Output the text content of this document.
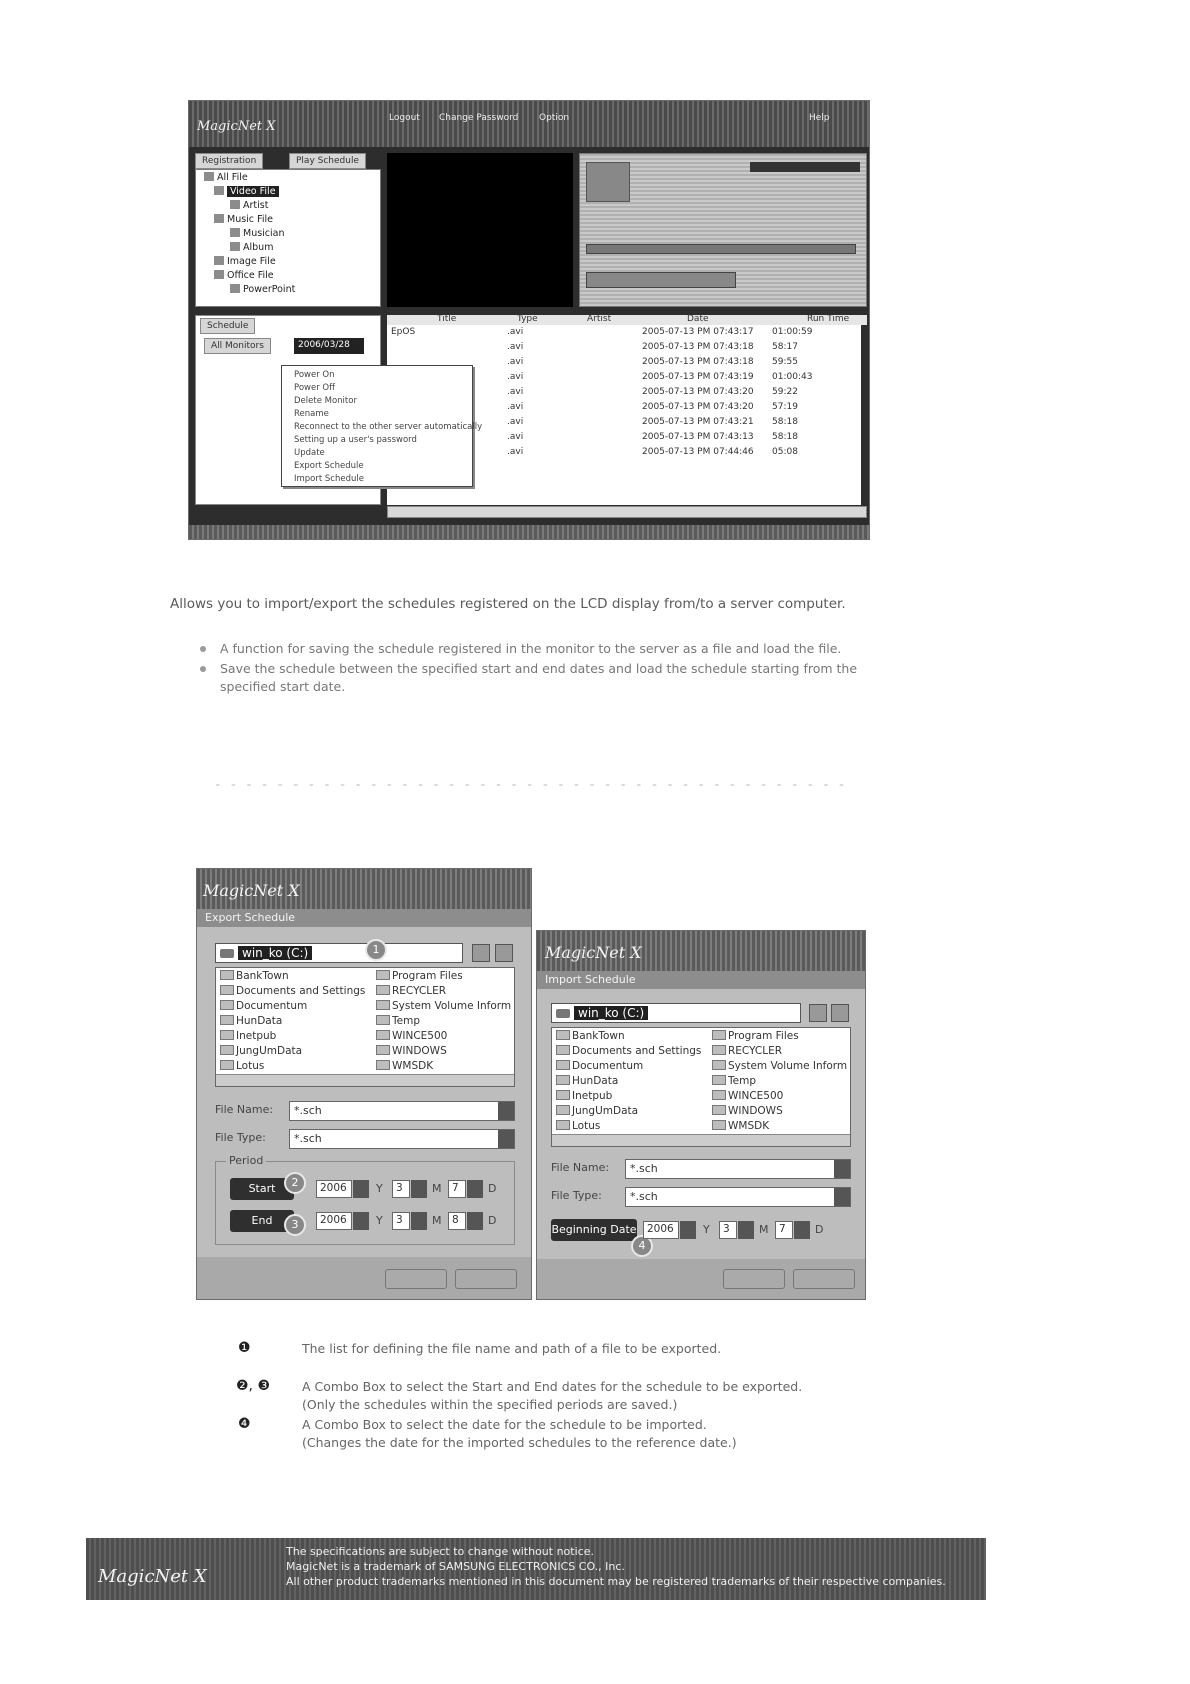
MagicNet X
Logout Change Password Option	Help
Registration	Play Schedule
All File
Video File
Artist
Music File
Musician
Album
Image File
Office File
PowerPoint
Title	Type	Artist	Date	Run Time
EpOS	.avi	2005-07-13 PM 07:43:17 01:00:59
.avi	2005-07-13 PM 07:43:18 58:17
.avi	2005-07-13 PM 07:43:18 59:55
.avi	2005-07-13 PM 07:43:19 01:00:43
.avi	2005-07-13 PM 07:43:20 59:22
.avi	2005-07-13 PM 07:43:20 57:19
.avi	2005-07-13 PM 07:43:21 58:18
.avi	2005-07-13 PM 07:43:13 58:18
.avi	2005-07-13 PM 07:44:46 05:08
Schedule
All Monitors	2006/03/28
Power On
Power Off
Delete Monitor
Rename
Reconnect to the other server automatically
Setting up a user's password
Update
Export Schedule
Import Schedule
Allows you to import/export the schedules registered on the LCD display from/to a server computer.
A function for saving the schedule registered in the monitor to the server as a file and load the file.
Save the schedule between the specified start and end dates and load the schedule starting from the specified start date.
MagicNet X
Export Schedule
win_ko (C:)	1
BankTown
Documents and Settings
Documentum
HunData
Inetpub
JungUmData
Lotus
Program Files
RECYCLER
System Volume Inform
Temp
WINCE500
WINDOWS
WMSDK
File Name:	*.sch
File Type:	*.sch
Period
Start	2	2006	Y	3	M	7	D
End	3	2006	Y	3	M	8	D
MagicNet X
Import Schedule
win_ko (C:)
BankTown
Documents and Settings
Documentum
HunData
Inetpub
JungUmData
Lotus
Program Files
RECYCLER
System Volume Inform
Temp
WINCE500
WINDOWS
WMSDK
File Name:	*.sch
File Type:	*.sch
Beginning Date
4
2006	Y	3	M	7	D
❶	The list for defining the file name and path of a file to be exported.
❷, ❸	A Combo Box to select the Start and End dates for the schedule to be exported.
(Only the schedules within the specified periods are saved.)
❹	A Combo Box to select the date for the schedule to be imported.
(Changes the date for the imported schedules to the reference date.)
MagicNet X
The specifications are subject to change without notice.
MagicNet is a trademark of SAMSUNG ELECTRONICS CO., Inc.
All other product trademarks mentioned in this document may be registered trademarks of their respective companies.
